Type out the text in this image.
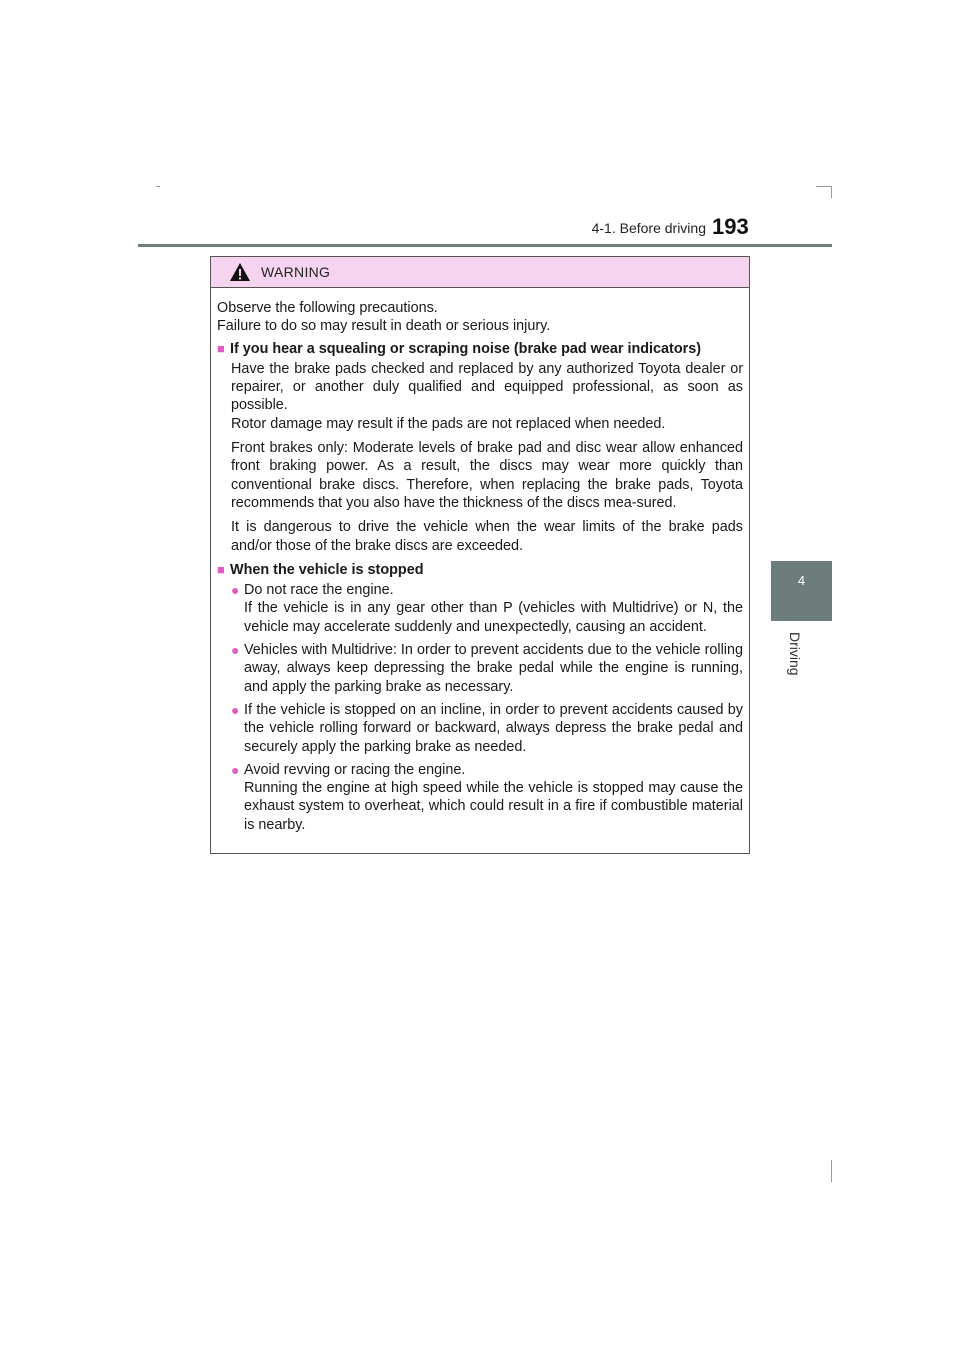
4-1. Before driving 193
4
Driving
WARNING

Observe the following precautions.

Failure to do so may result in death or serious injury.

■ If you hear a squealing or scraping noise (brake pad wear indicators)

Have the brake pads checked and replaced by any authorized Toyota dealer or repairer, or another duly qualified and equipped professional, as soon as possible.

Rotor damage may result if the pads are not replaced when needed.

Front brakes only: Moderate levels of brake pad and disc wear allow enhanced front braking power. As a result, the discs may wear more quickly than conventional brake discs. Therefore, when replacing the brake pads, Toyota recommends that you also have the thickness of the discs mea-sured.

It is dangerous to drive the vehicle when the wear limits of the brake pads and/or those of the brake discs are exceeded.

■ When the vehicle is stopped
● Do not race the engine.

If the vehicle is in any gear other than P (vehicles with Multidrive) or N, the vehicle may accelerate suddenly and unexpectedly, causing an accident.

● Vehicles with Multidrive: In order to prevent accidents due to the vehicle rolling away, always keep depressing the brake pedal while the engine is running, and apply the parking brake as necessary.

● If the vehicle is stopped on an incline, in order to prevent accidents caused by the vehicle rolling forward or backward, always depress the brake pedal and securely apply the parking brake as needed.

● Avoid revving or racing the engine.

Running the engine at high speed while the vehicle is stopped may cause the exhaust system to overheat, which could result in a fire if combustible material is nearby.
